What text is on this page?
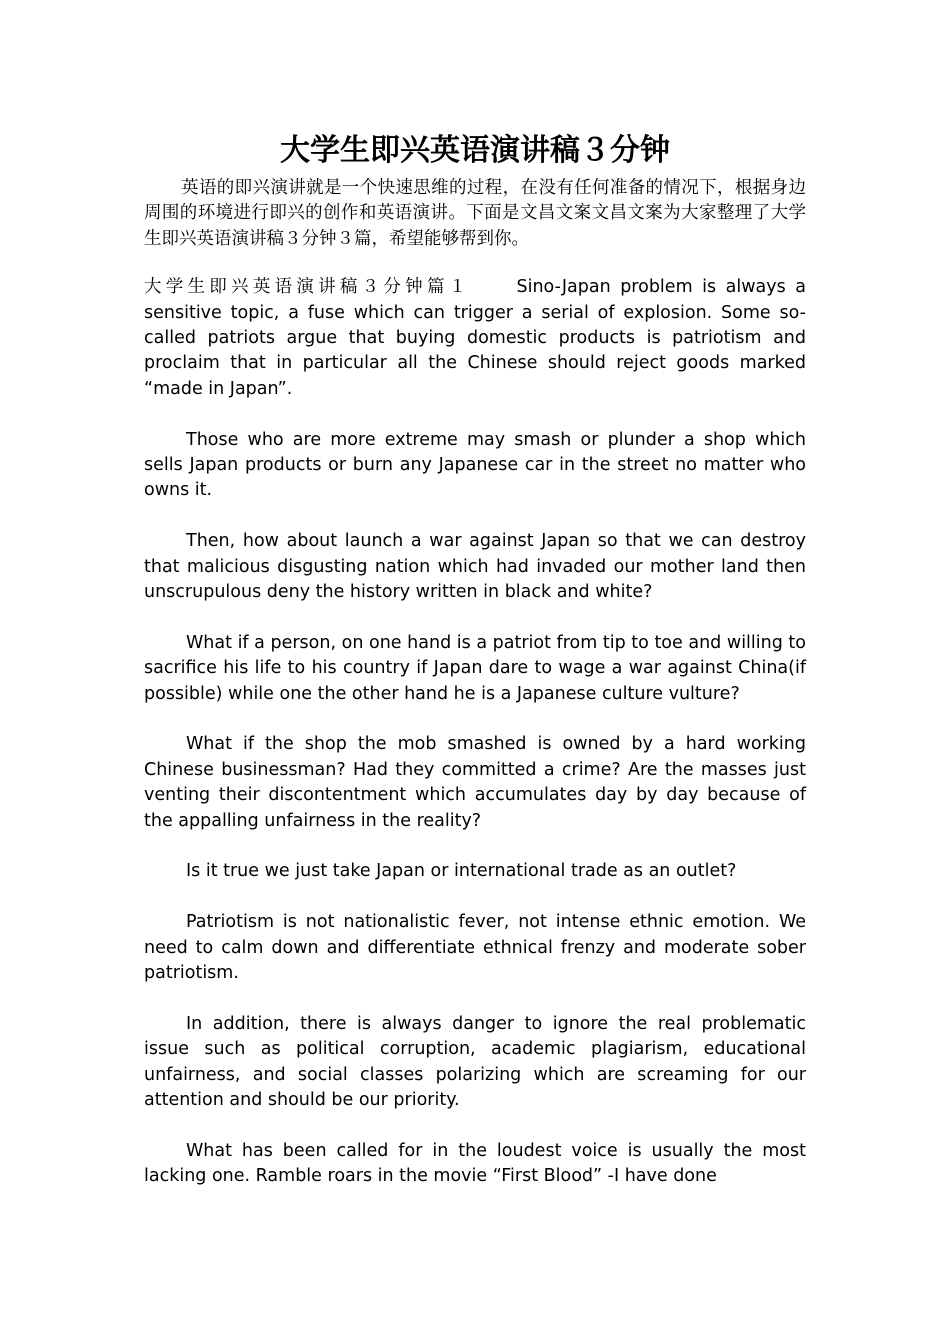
大学生即兴英语演讲稿３分钟

英语的即兴演讲就是一个快速思维的过程，在没有任何准备的情况下，根据身边周围的环境进行即兴的创作和英语演讲。下面是文昌文案文昌文案为大家整理了大学生即兴英语演讲稿３分钟３篇，希望能够帮到你。

大学生即兴英语演讲稿３分钟篇１	Sino-Japan problem is always a sensitive topic, a fuse which can trigger a serial of explosion. Some so-called patriots argue that buying domestic products is patriotism and proclaim that in particular all the Chinese should reject goods marked “made in Japan”.

Those who are more extreme may smash or plunder a shop which sells Japan products or burn any Japanese car in the street no matter who owns it.

Then, how about launch a war against Japan so that we can destroy that malicious disgusting nation which had invaded our mother land then unscrupulous deny the history written in black and white?

What if a person, on one hand is a patriot from tip to toe and willing to sacrifice his life to his country if Japan dare to wage a war against China(if possible) while one the other hand he is a Japanese culture vulture?

What if the shop the mob smashed is owned by a hard working Chinese businessman? Had they committed a crime? Are the masses just venting their discontentment which accumulates day by day because of the appalling unfairness in the reality?

Is it true we just take Japan or international trade as an outlet?

Patriotism is not nationalistic fever, not intense ethnic emotion. We need to calm down and differentiate ethnical frenzy and moderate sober patriotism.

In addition, there is always danger to ignore the real problematic issue such as political corruption, academic plagiarism, educational unfairness, and social classes polarizing which are screaming for our attention and should be our priority.

What has been called for in the loudest voice is usually the most lacking one. Ramble roars in the movie “First Blood” -I have done
